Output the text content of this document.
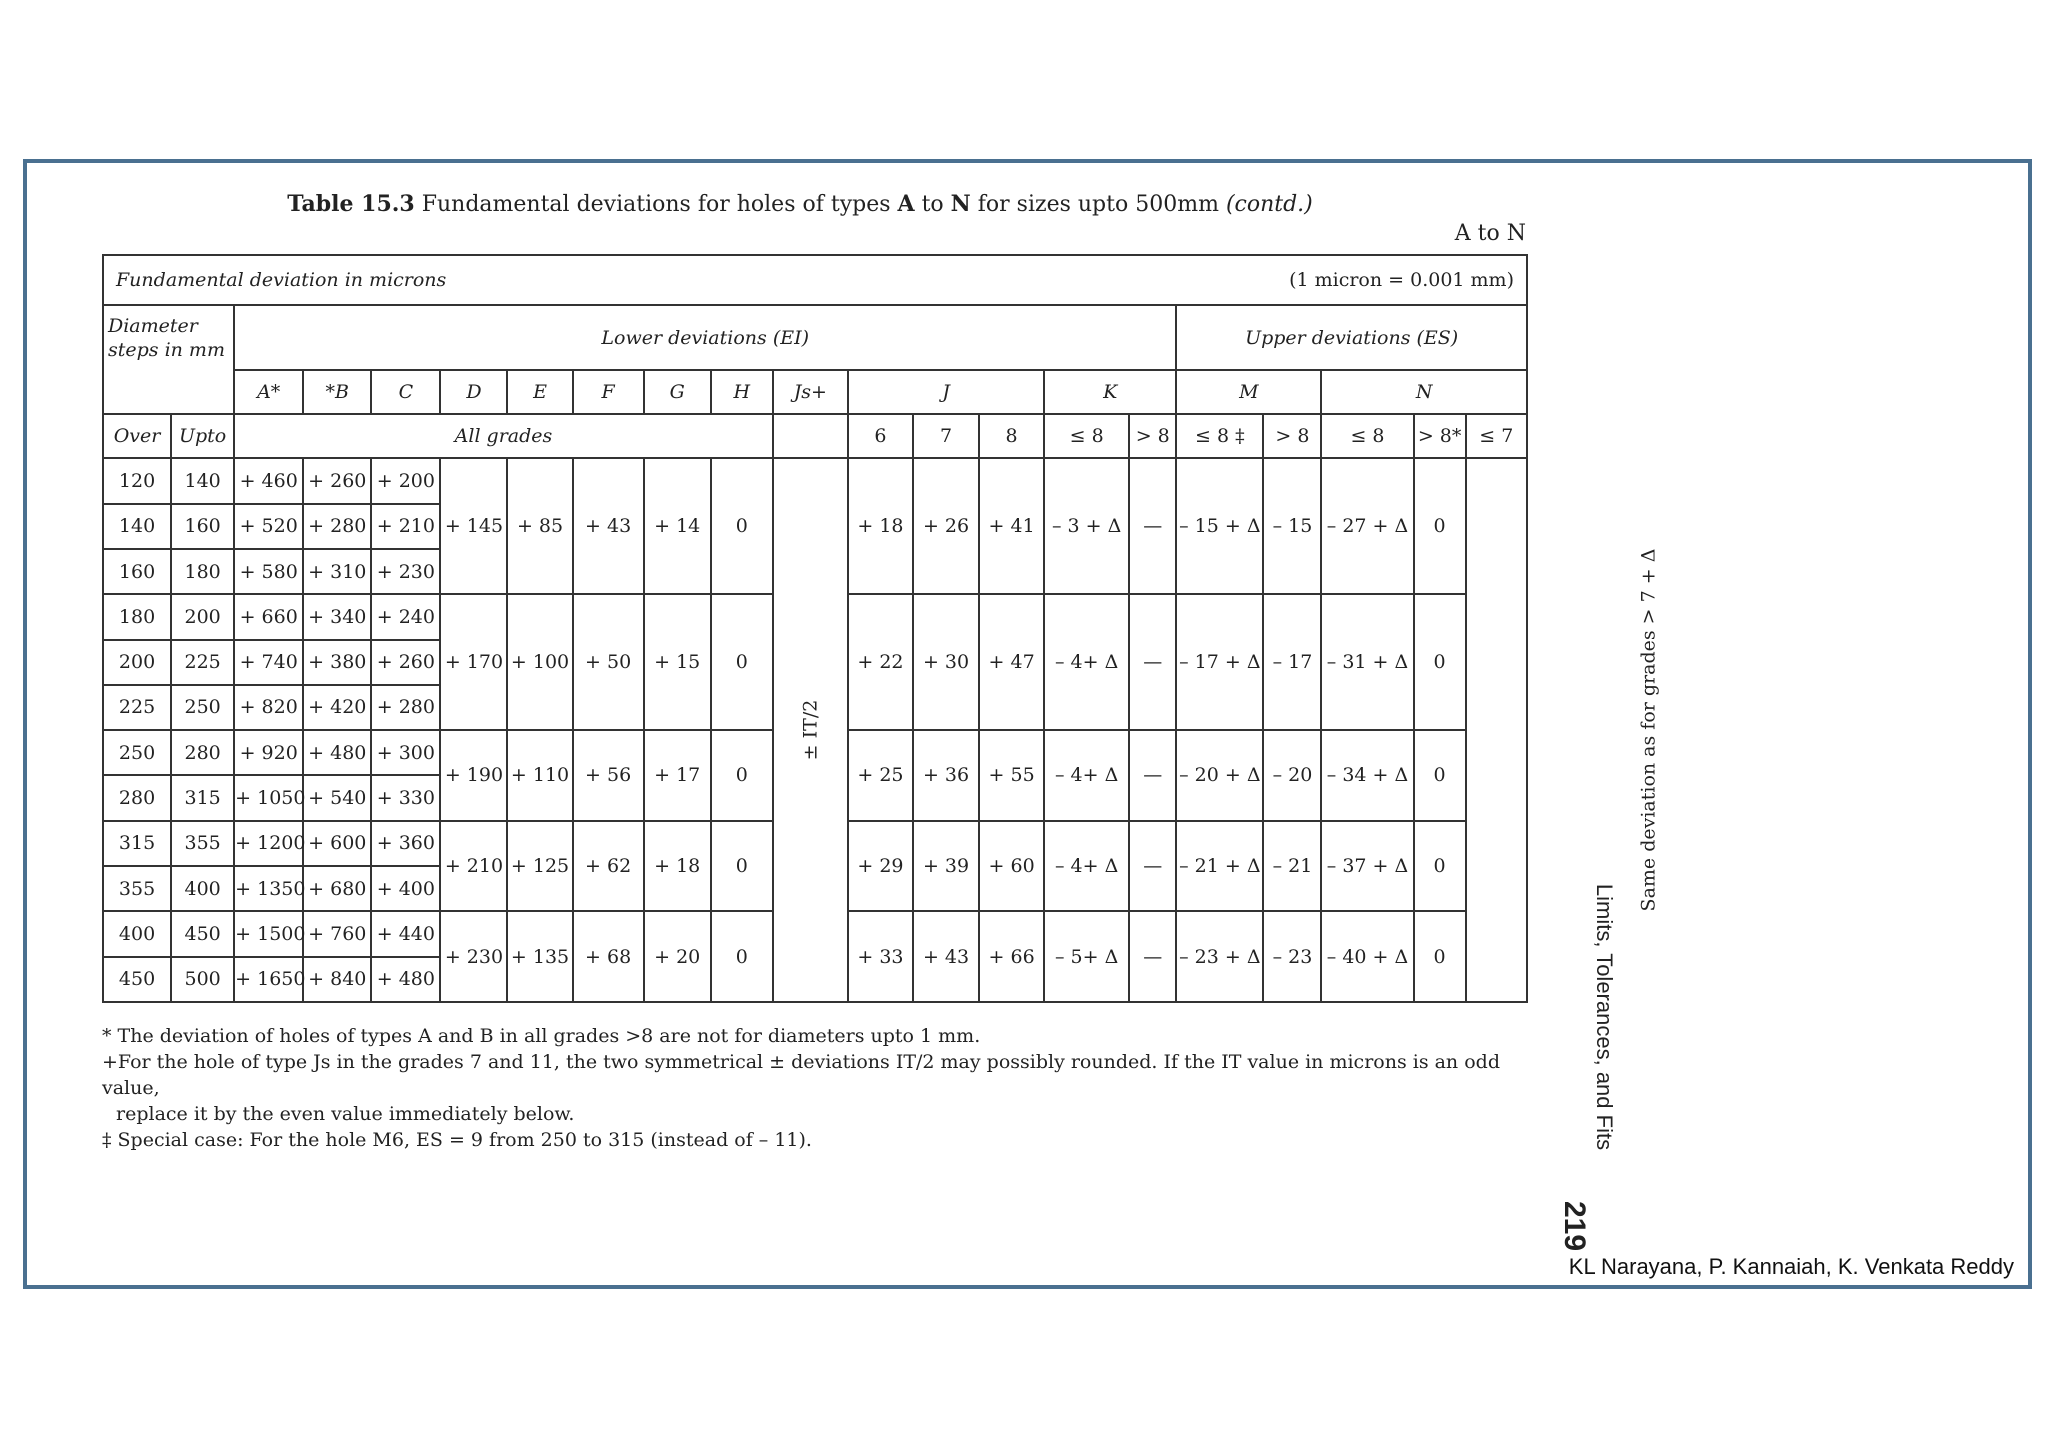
Table 15.3 Fundamental deviations for holes of types A to N for sizes upto 500mm (contd.)
A to N
Fundamental deviation in microns (1 micron = 0.001 mm)																				

Diameter steps in mm		Lower deviations (EI)														Upper deviations (ES)				
		A*	*B	C	D	E	F	G	H	Js+	J			K		M		N		
Over	Upto	All grades									6	7	8	≤ 8	> 8	≤ 8 ‡	> 8	≤ 8	> 8*	≤ 7
120	140	+ 460	+ 260	+ 200	+ 145	+ 85	+ 43	+ 14	0	± IT/2	+ 18	+ 26	+ 41	– 3 + Δ	—	– 15 + Δ	– 15	– 27 + Δ	0	Same deviation as for grades > 7 + Δ
140	160	+ 520	+ 280	+ 210																
160	180	+ 580	+ 310	+ 230																
180	200	+ 660	+ 340	+ 240	+ 170	+ 100	+ 50	+ 15	0		+ 22	+ 30	+ 47	– 4+ Δ	—	– 17 + Δ	– 17	– 31 + Δ	0	
200	225	+ 740	+ 380	+ 260																
225	250	+ 820	+ 420	+ 280																
250	280	+ 920	+ 480	+ 300	+ 190	+ 110	+ 56	+ 17	0		+ 25	+ 36	+ 55	– 4+ Δ	—	– 20 + Δ	– 20	– 34 + Δ	0	
280	315	+ 1050	+ 540	+ 330																
315	355	+ 1200	+ 600	+ 360	+ 210	+ 125	+ 62	+ 18	0		+ 29	+ 39	+ 60	– 4+ Δ	—	– 21 + Δ	– 21	– 37 + Δ	0	
355	400	+ 1350	+ 680	+ 400																
400	450	+ 1500	+ 760	+ 440	+ 230	+ 135	+ 68	+ 20	0		+ 33	+ 43	+ 66	– 5+ Δ	—	– 23 + Δ	– 23	– 40 + Δ	0	
450	500	+ 1650	+ 840	+ 480																

* The deviation of holes of types A and B in all grades >8 are not for diameters upto 1 mm.

+For the hole of type Js in the grades 7 and 11, the two symmetrical ± deviations IT/2 may possibly rounded. If the IT value in microns is an odd value,

replace it by the even value immediately below.

‡ Special case: For the hole M6, ES = 9 from 250 to 315 (instead of – 11).	Limits, Tolerances, and Fits
219
KL Narayana, P. Kannaiah, K. Venkata Reddy
